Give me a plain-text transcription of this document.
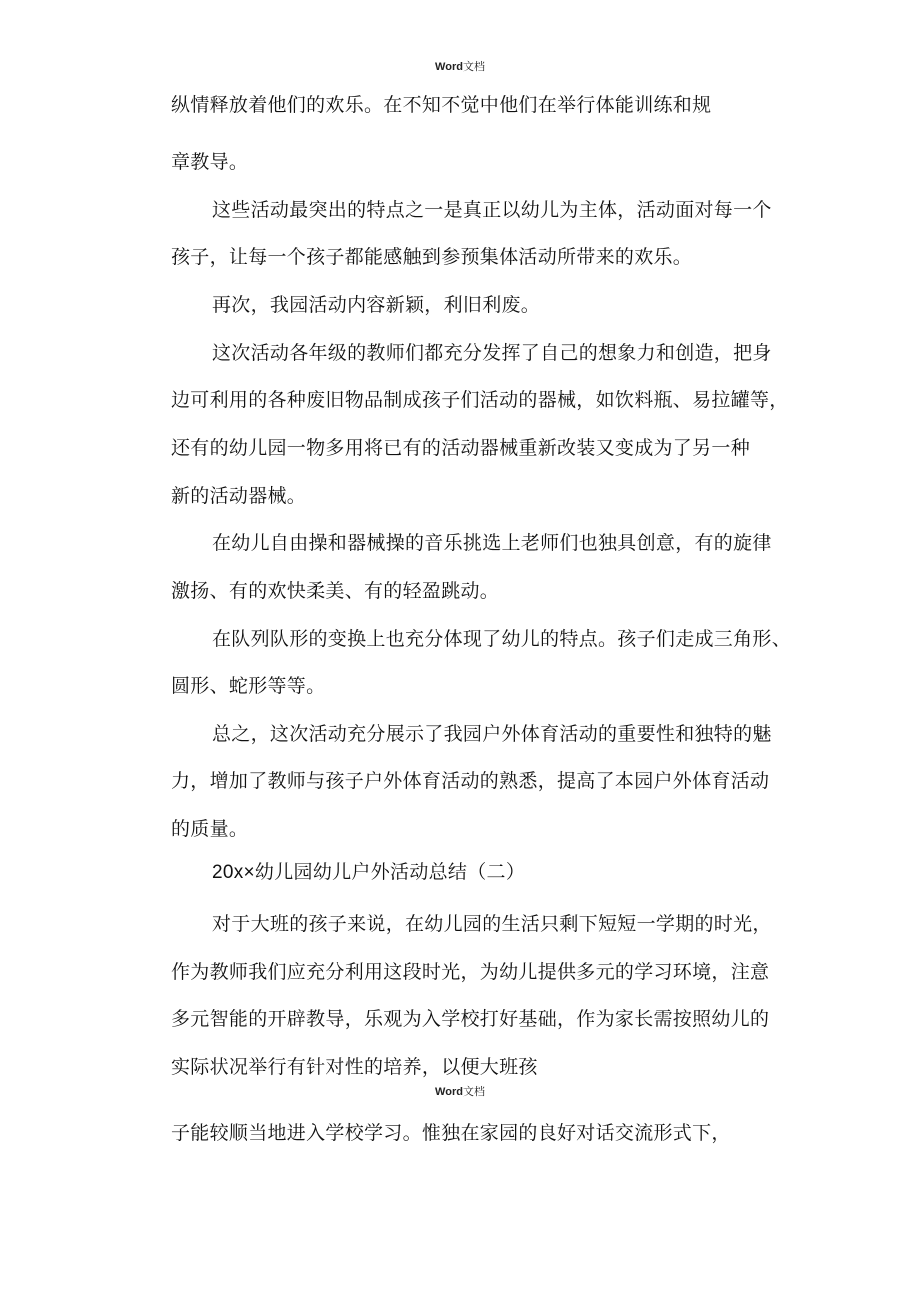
Word文档
纵情释放着他们的欢乐。在不知不觉中他们在举行体能训练和规
章教导。
这些活动最突出的特点之一是真正以幼儿为主体，活动面对每一个
孩子，让每一个孩子都能感触到参预集体活动所带来的欢乐。
再次，我园活动内容新颖，利旧利废。
这次活动各年级的教师们都充分发挥了自己的想象力和创造，把身
边可利用的各种废旧物品制成孩子们活动的器械，如饮料瓶、易拉罐等，
还有的幼儿园一物多用将已有的活动器械重新改装又变成为了另一种
新的活动器械。
在幼儿自由操和器械操的音乐挑选上老师们也独具创意，有的旋律
激扬、有的欢快柔美、有的轻盈跳动。
在队列队形的变换上也充分体现了幼儿的特点。孩子们走成三角形、
圆形、蛇形等等。
总之，这次活动充分展示了我园户外体育活动的重要性和独特的魅
力，增加了教师与孩子户外体育活动的熟悉，提高了本园户外体育活动
的质量。
20x×幼儿园幼儿户外活动总结（二）
对于大班的孩子来说，在幼儿园的生活只剩下短短一学期的时光，
作为教师我们应充分利用这段时光，为幼儿提供多元的学习环境，注意
多元智能的开辟教导，乐观为入学校打好基础，作为家长需按照幼儿的
实际状况举行有针对性的培养，以便大班孩
Word文档
子能较顺当地进入学校学习。惟独在家园的良好对话交流形式下，
